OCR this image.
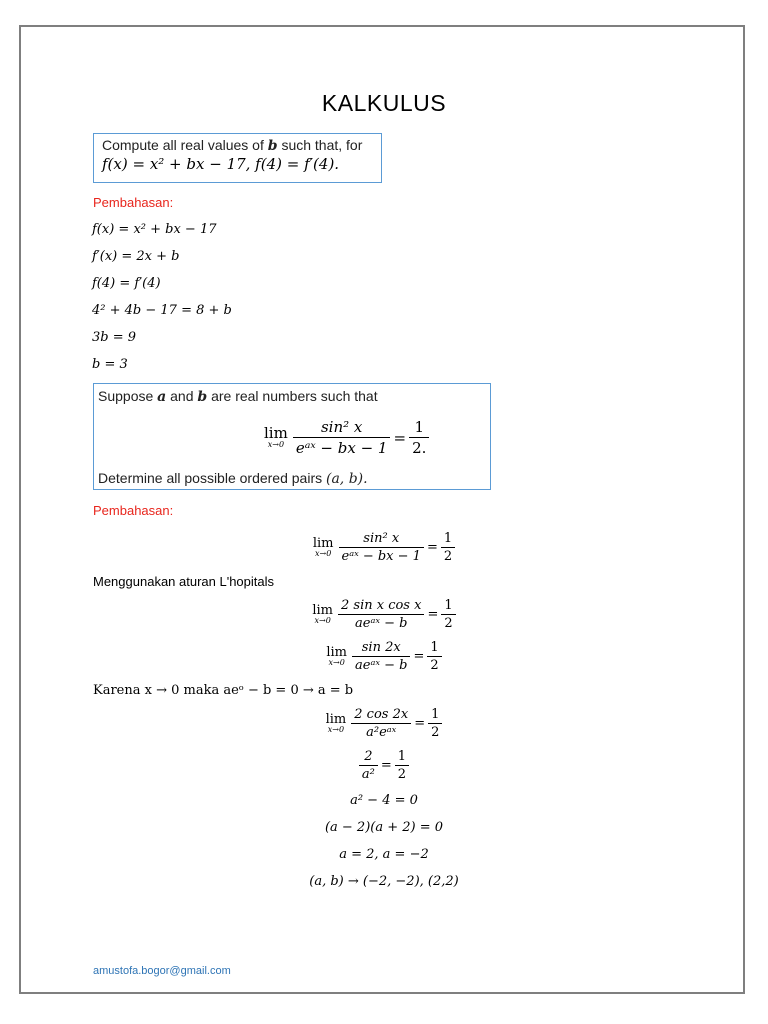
KALKULUS
Compute all real values of b such that, for
f(x) = x² + bx − 17, f(4) = f′(4).
Pembahasan:
f(x) = x² + bx − 17
f′(x) = 2x + b
f(4) = f′(4)
4² + 4b − 17 = 8 + b
3b = 9
b = 3
Suppose a and b are real numbers such that
lim
$x\to 0 \frac{\text{sin² x}}{\text{eᵃˣ − bx − 1}} = \frac{1}{2.}$
Determine all possible ordered pairs (a, b).
Pembahasan:
lim
$x\to 0 \frac{\text{sin² x}}{\text{eᵃˣ − bx − 1}} = \frac{1}{2}$
Menggunakan aturan L'hopitals
lim
$x\to 0 \frac{\text{2 sin x cos x}}{\text{aeᵃˣ − b}} = \frac{1}{2}$
lim
$x\to 0 \frac{\sin 2x}{\text{aeᵃˣ − b}} = \frac{1}{2}$
Karena x → 0 maka aeᵒ − b = 0 → a = b
lim
$x\to 0 \frac{2 \cos 2x}{\text{a²eᵃˣ}} = \frac{1}{2}$
$\frac{2}{\text{a²}} = \frac{1}{2}$
a² − 4 = 0
(a − 2)(a + 2) = 0
a = 2, a = −2
(a, b) → (−2, −2), (2,2)
amustofa.bogor@gmail.com
